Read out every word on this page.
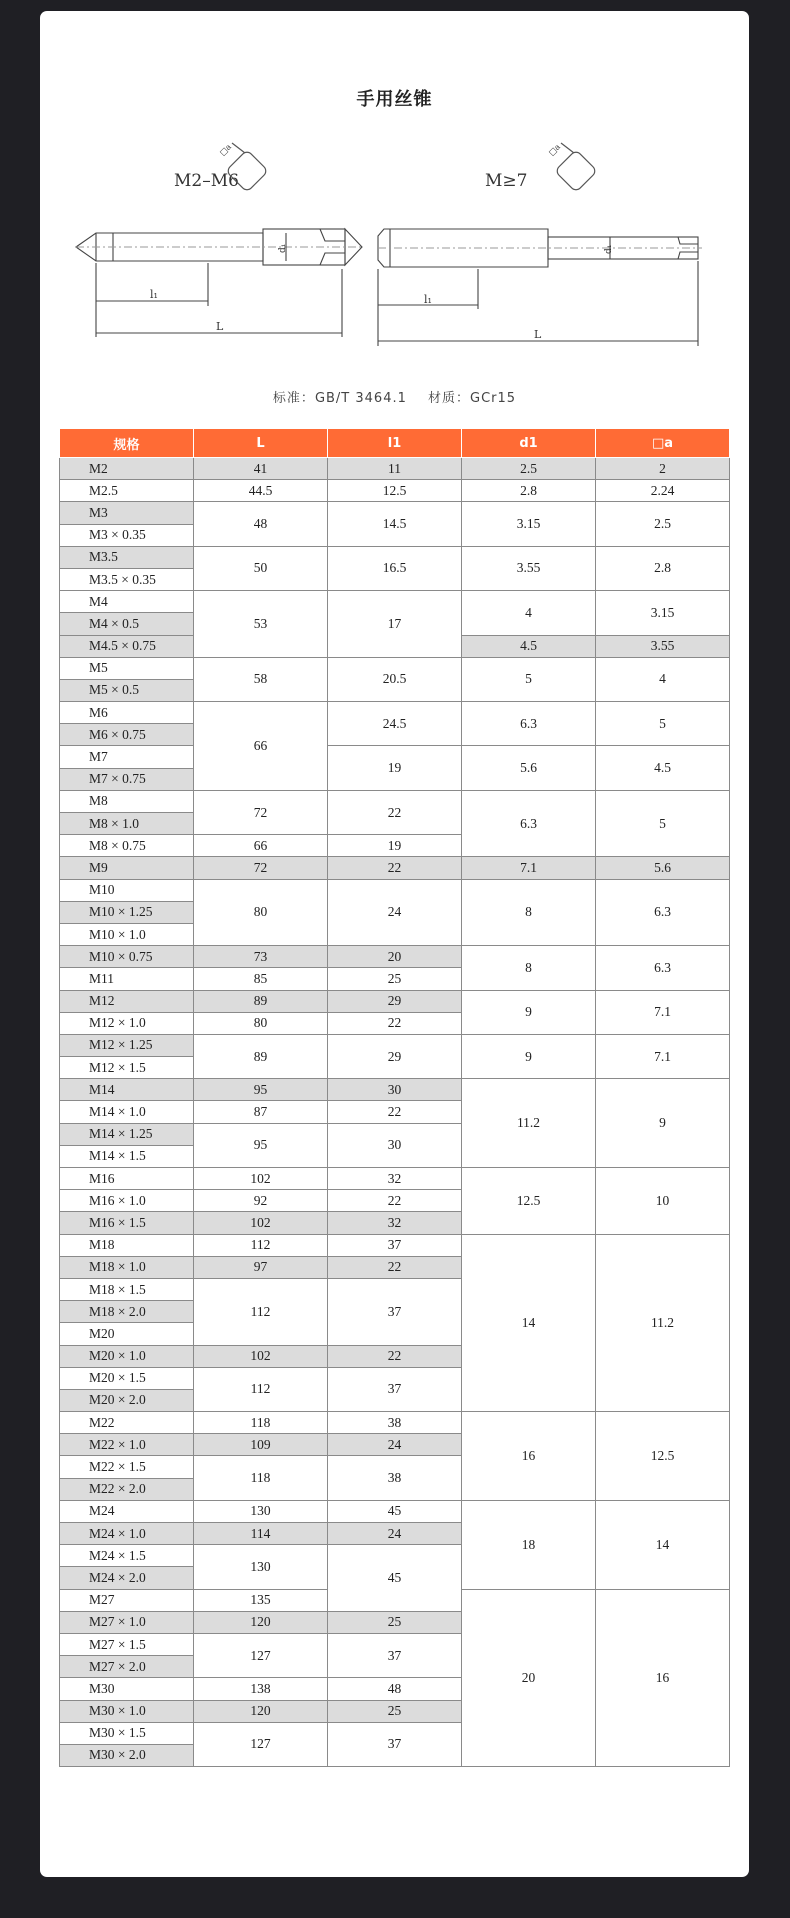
手用丝锥
M2–M6
□a
d₁
l₁
L
M≥7
□a
d₁
l₁
L
标准：GB/T 3464.1 材质：GCr15
规格	L	l1	d1	□a
M2	41	11	2.5	2
M2.5	44.5	12.5	2.8	2.24
M3	48	14.5	3.15	2.5
M3 × 0.35				
M3.5	50	16.5	3.55	2.8
M3.5 × 0.35				
M4	53	17	4	3.15
M4 × 0.5				
M4.5 × 0.75			4.5	3.55
M5	58	20.5	5	4
M5 × 0.5				
M6	66	24.5	6.3	5
M6 × 0.75				
M7		19	5.6	4.5
M7 × 0.75				
M8	72	22	6.3	5
M8 × 1.0				
M8 × 0.75	66	19		
M9	72	22	7.1	5.6
M10	80	24	8	6.3
M10 × 1.25				
M10 × 1.0				
M10 × 0.75	73	20	8	6.3
M11	85	25		
M12	89	29	9	7.1
M12 × 1.0	80	22		
M12 × 1.25	89	29	9	7.1
M12 × 1.5				
M14	95	30	11.2	9
M14 × 1.0	87	22		
M14 × 1.25	95	30		
M14 × 1.5				
M16	102	32	12.5	10
M16 × 1.0	92	22		
M16 × 1.5	102	32		
M18	112	37	14	11.2
M18 × 1.0	97	22		
M18 × 1.5	112	37		
M18 × 2.0				
M20				
M20 × 1.0	102	22		
M20 × 1.5	112	37		
M20 × 2.0				
M22	118	38	16	12.5
M22 × 1.0	109	24		
M22 × 1.5	118	38		
M22 × 2.0				
M24	130	45	18	14
M24 × 1.0	114	24		
M24 × 1.5	130	45		
M24 × 2.0				
M27	135		20	16
M27 × 1.0	120	25		
M27 × 1.5	127	37		
M27 × 2.0				
M30	138	48		
M30 × 1.0	120	25		
M30 × 1.5	127	37		
M30 × 2.0				
